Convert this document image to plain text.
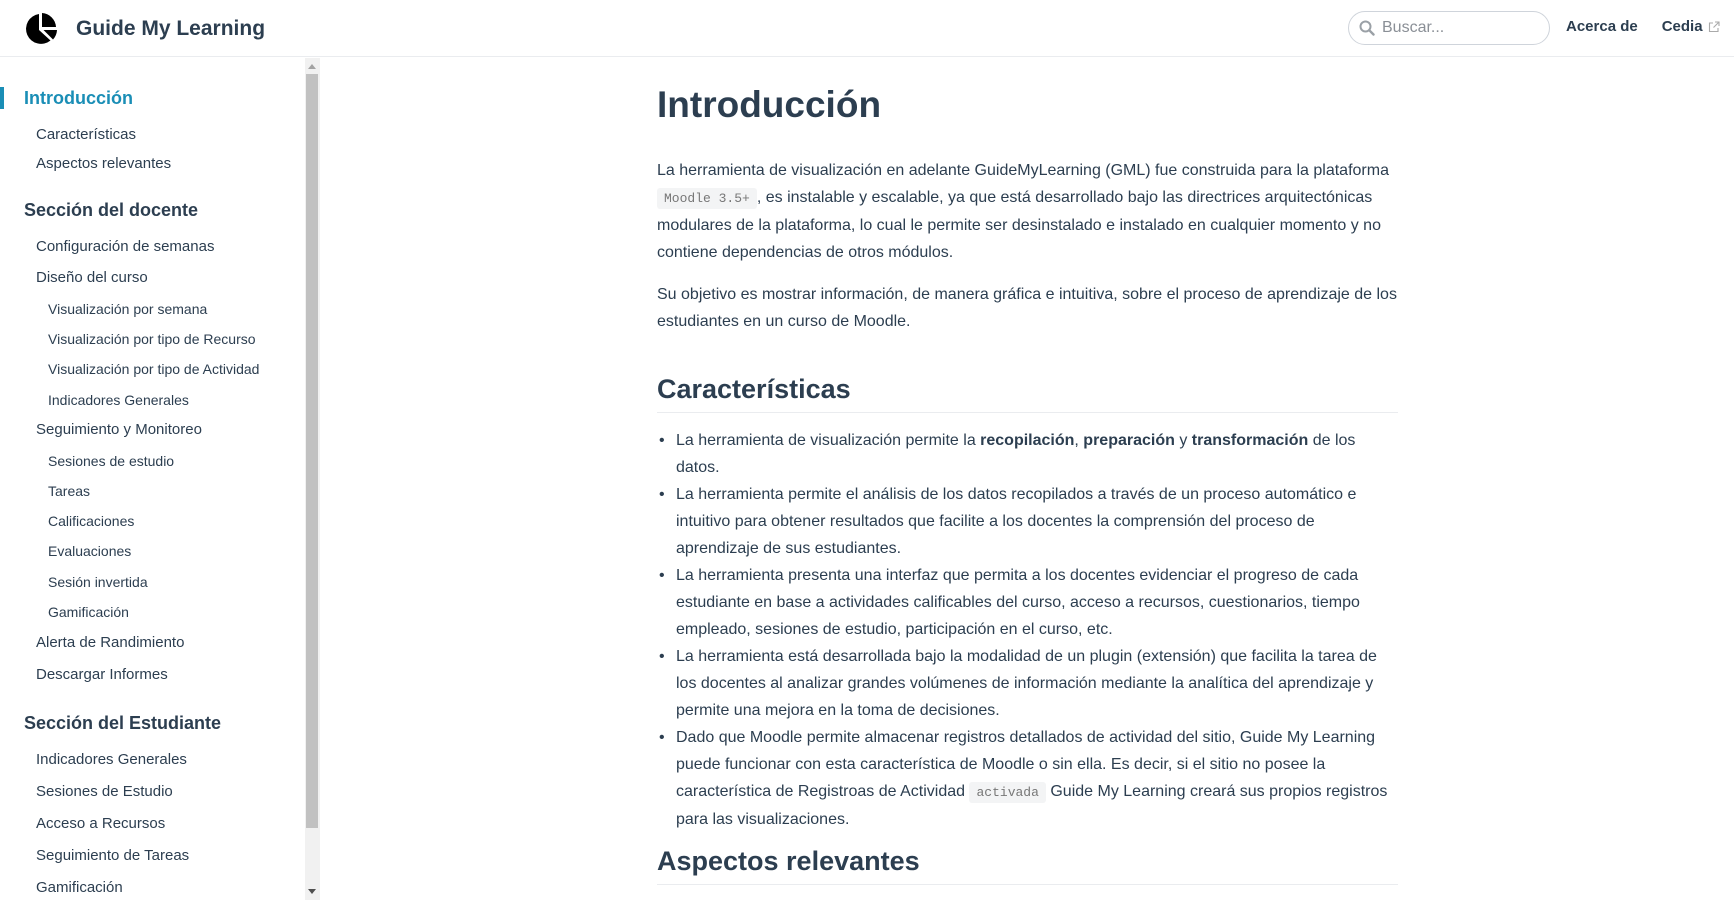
Guide My Learning
Buscar...	Acerca de Cedia
Introducción
Características
Aspectos relevantes
Sección del docente
Configuración de semanas
Diseño del curso
Visualización por semana
Visualización por tipo de Recurso
Visualización por tipo de Actividad
Indicadores Generales
Seguimiento y Monitoreo
Sesiones de estudio
Tareas
Calificaciones
Evaluaciones
Sesión invertida
Gamificación
Alerta de Randimiento
Descargar Informes
Sección del Estudiante
Indicadores Generales
Sesiones de Estudio
Acceso a Recursos
Seguimiento de Tareas
Gamificación
Introducción

La herramienta de visualización en adelante GuideMyLearning (GML) fue construida para la plataforma Moodle 3.5+ , es instalable y escalable, ya que está desarrollado bajo las directrices arquitectónicas modulares de la plataforma, lo cual le permite ser desinstalado e instalado en cualquier momento y no contiene dependencias de otros módulos.

Su objetivo es mostrar información, de manera gráfica e intuitiva, sobre el proceso de aprendizaje de los estudiantes en un curso de Moodle.

Características
• La herramienta de visualización permite la recopilación, preparación y transformación de los datos.
• La herramienta permite el análisis de los datos recopilados a través de un proceso automático e intuitivo para obtener resultados que facilite a los docentes la comprensión del proceso de aprendizaje de sus estudiantes.
• La herramienta presenta una interfaz que permita a los docentes evidenciar el progreso de cada estudiante en base a actividades calificables del curso, acceso a recursos, cuestionarios, tiempo empleado, sesiones de estudio, participación en el curso, etc.
• La herramienta está desarrollada bajo la modalidad de un plugin (extensión) que facilita la tarea de los docentes al analizar grandes volúmenes de información mediante la analítica del aprendizaje y permite una mejora en la toma de decisiones.
• Dado que Moodle permite almacenar registros detallados de actividad del sitio, Guide My Learning puede funcionar con esta característica de Moodle o sin ella. Es decir, si el sitio no posee la característica de Registroas de Actividad activada Guide My Learning creará sus propios registros para las visualizaciones.
Aspectos relevantes
